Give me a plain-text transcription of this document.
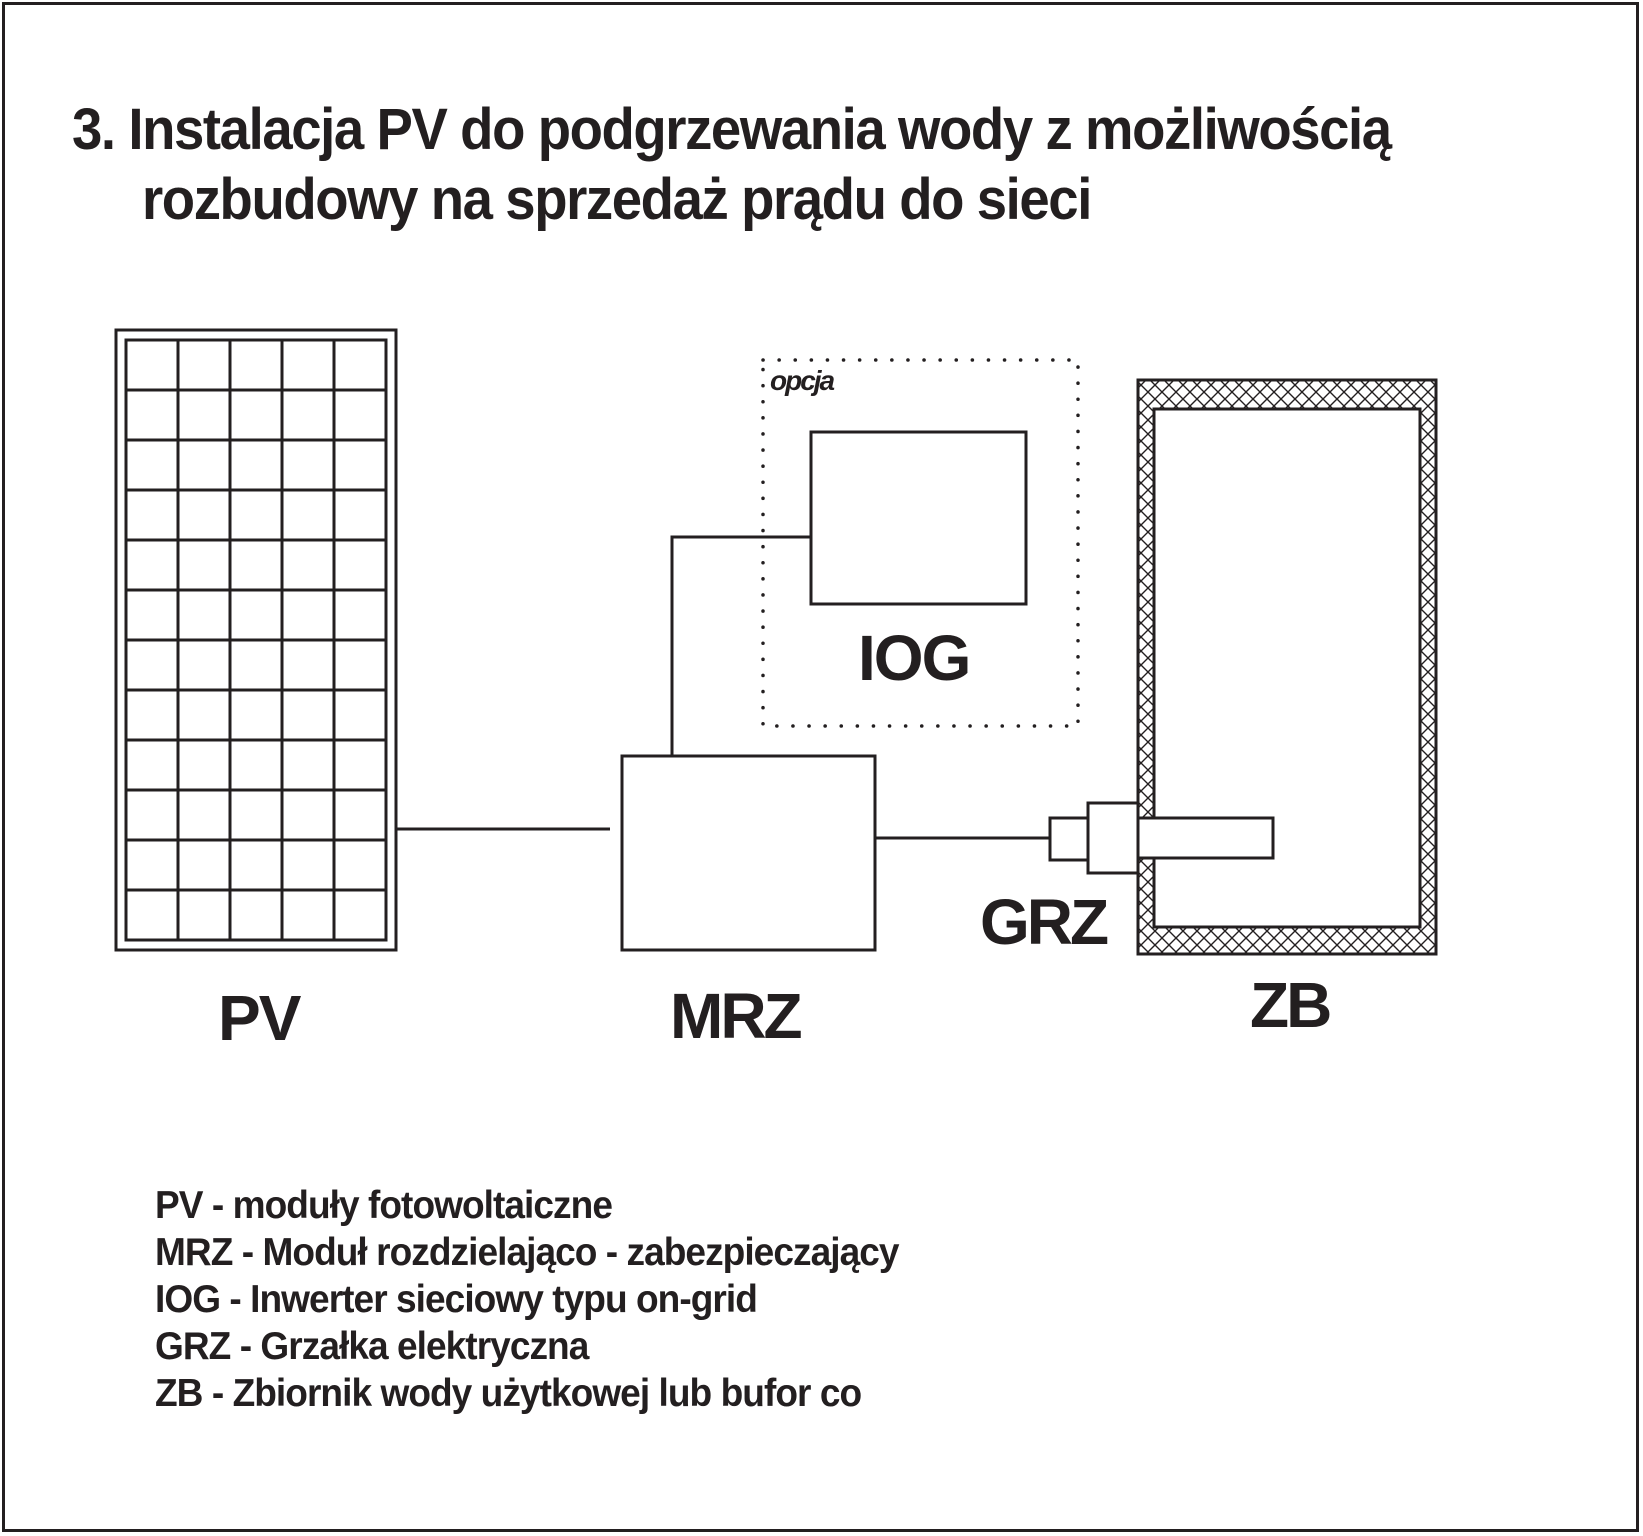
3. Instalacja PV do podgrzewania wody z możliwością
rozbudowy na sprzedaż prądu do sieci
opcja
IOG
PV	MRZ
GRZ
ZB
PV - moduły fotowoltaiczne
MRZ - Moduł rozdzielająco - zabezpieczający
IOG - Inwerter sieciowy typu on-grid
GRZ - Grzałka elektryczna
ZB - Zbiornik wody użytkowej lub bufor co
